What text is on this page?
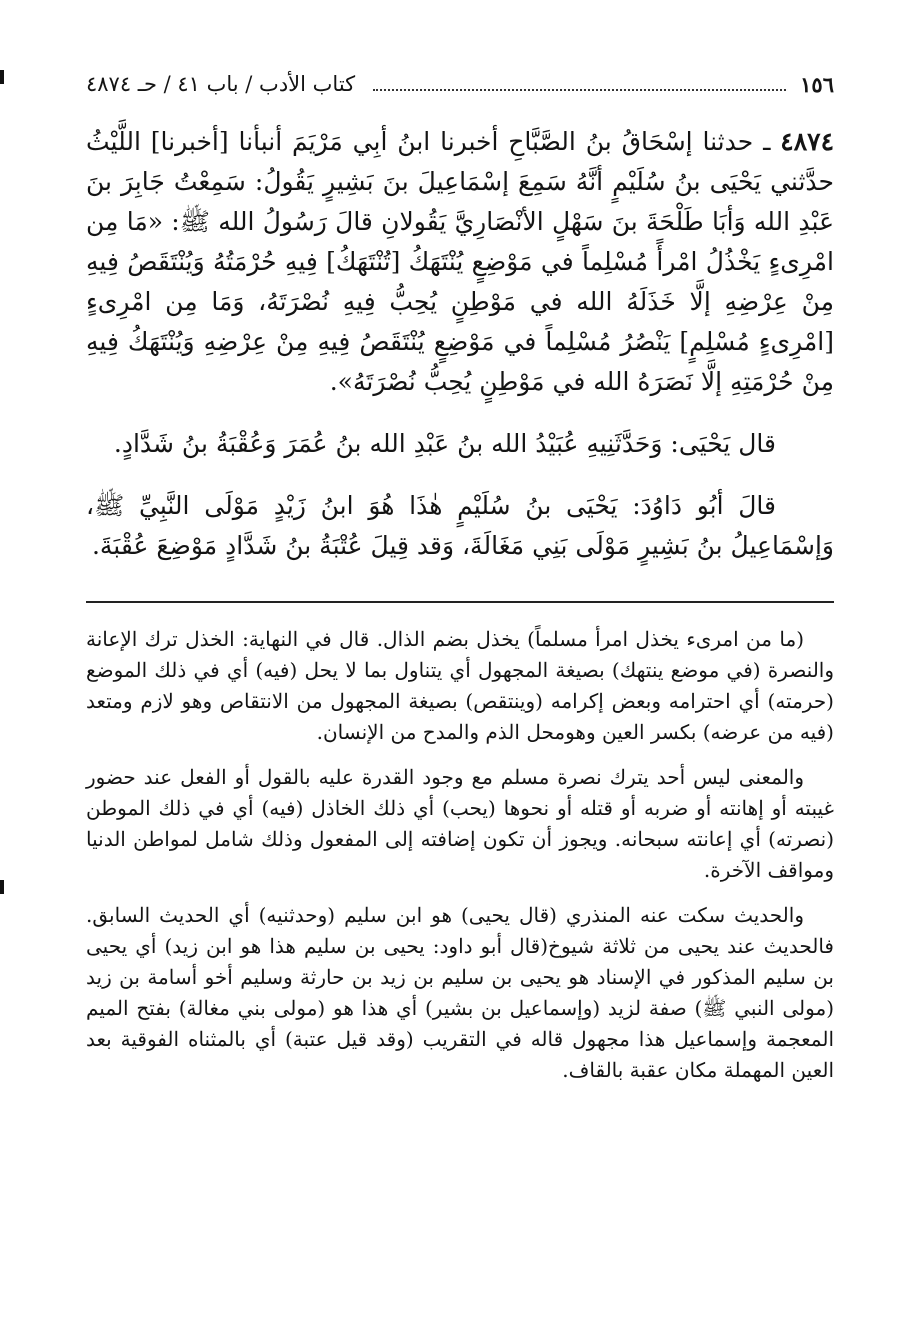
١٥٦
كتاب الأدب / باب ٤١ / حـ ٤٨٧٤

٤٨٧٤ ـ حدثنا إسْحَاقُ بنُ الصَّبَّاحِ أخبرنا ابنُ أبِي مَرْيَمَ أنبأنا [أخبرنا] اللَّيْثُ حدَّثني يَحْيَى بنُ سُلَيْمٍ أنَّهُ سَمِعَ إسْمَاعِيلَ بنَ بَشِيرٍ يَقُولُ: سَمِعْتُ جَابِرَ بنَ عَبْدِ الله وَأبَا طَلْحَةَ بنَ سَهْلٍ الأنْصَارِيَّ يَقُولانِ قالَ رَسُولُ الله ﷺ: «مَا مِن امْرِىءٍ يَخْذُلُ امْرأً مُسْلِماً في مَوْضِعٍ يُنْتَهَكُ [تُنْتَهَكُ] فِيهِ حُرْمَتُهُ وَيُنْتَقَصُ فِيهِ مِنْ عِرْضِهِ إلَّا خَذَلَهُ الله في مَوْطِنٍ يُحِبُّ فِيهِ نُصْرَتَهُ، وَمَا مِن امْرِىءٍ [امْرِىءٍ مُسْلِمٍ] يَنْصُرُ مُسْلِماً في مَوْضِعٍ يُنْتَقَصُ فِيهِ مِنْ عِرْضِهِ وَيُنْتَهَكُ فِيهِ مِنْ حُرْمَتِهِ إلَّا نَصَرَهُ الله في مَوْطِنٍ يُحِبُّ نُصْرَتَهُ».

قال يَحْيَى: وَحَدَّثَنِيهِ عُبَيْدُ الله بنُ عَبْدِ الله بنُ عُمَرَ وَعُقْبَةُ بنُ شَدَّادٍ.

قالَ أبُو دَاوُدَ: يَحْيَى بنُ سُلَيْمٍ هٰذَا هُوَ ابنُ زَيْدٍ مَوْلَى النَّبِيِّ ﷺ، وَإسْمَاعِيلُ بنُ بَشِيرٍ مَوْلَى بَنِي مَغَالَةَ، وَقد قِيلَ عُتْبَةُ بنُ شَدَّادٍ مَوْضِعَ عُقْبَةَ.

(ما من امرىء يخذل امرأ مسلماً) يخذل بضم الذال. قال في النهاية: الخذل ترك الإعانة والنصرة (في موضع ينتهك) بصيغة المجهول أي يتناول بما لا يحل (فيه) أي في ذلك الموضع (حرمته) أي احترامه وبعض إكرامه (وينتقص) بصيغة المجهول من الانتقاص وهو لازم ومتعد (فيه من عرضه) بكسر العين وهومحل الذم والمدح من الإنسان.

والمعنى ليس أحد يترك نصرة مسلم مع وجود القدرة عليه بالقول أو الفعل عند حضور غيبته أو إهانته أو ضربه أو قتله أو نحوها (يحب) أي ذلك الخاذل (فيه) أي في ذلك الموطن (نصرته) أي إعانته سبحانه. ويجوز أن تكون إضافته إلى المفعول وذلك شامل لمواطن الدنيا ومواقف الآخرة.

والحديث سكت عنه المنذري (قال يحيى) هو ابن سليم (وحدثنيه) أي الحديث السابق. فالحديث عند يحيى من ثلاثة شيوخ(قال أبو داود: يحيى بن سليم هذا هو ابن زيد) أي يحيى بن سليم المذكور في الإسناد هو يحيى بن سليم بن زيد بن حارثة وسليم أخو أسامة بن زيد (مولى النبي ﷺ) صفة لزيد (وإسماعيل بن بشير) أي هذا هو (مولى بني مغالة) بفتح الميم المعجمة وإسماعيل هذا مجهول قاله في التقريب (وقد قيل عتبة) أي بالمثناه الفوقية بعد العين المهملة مكان عقبة بالقاف.
